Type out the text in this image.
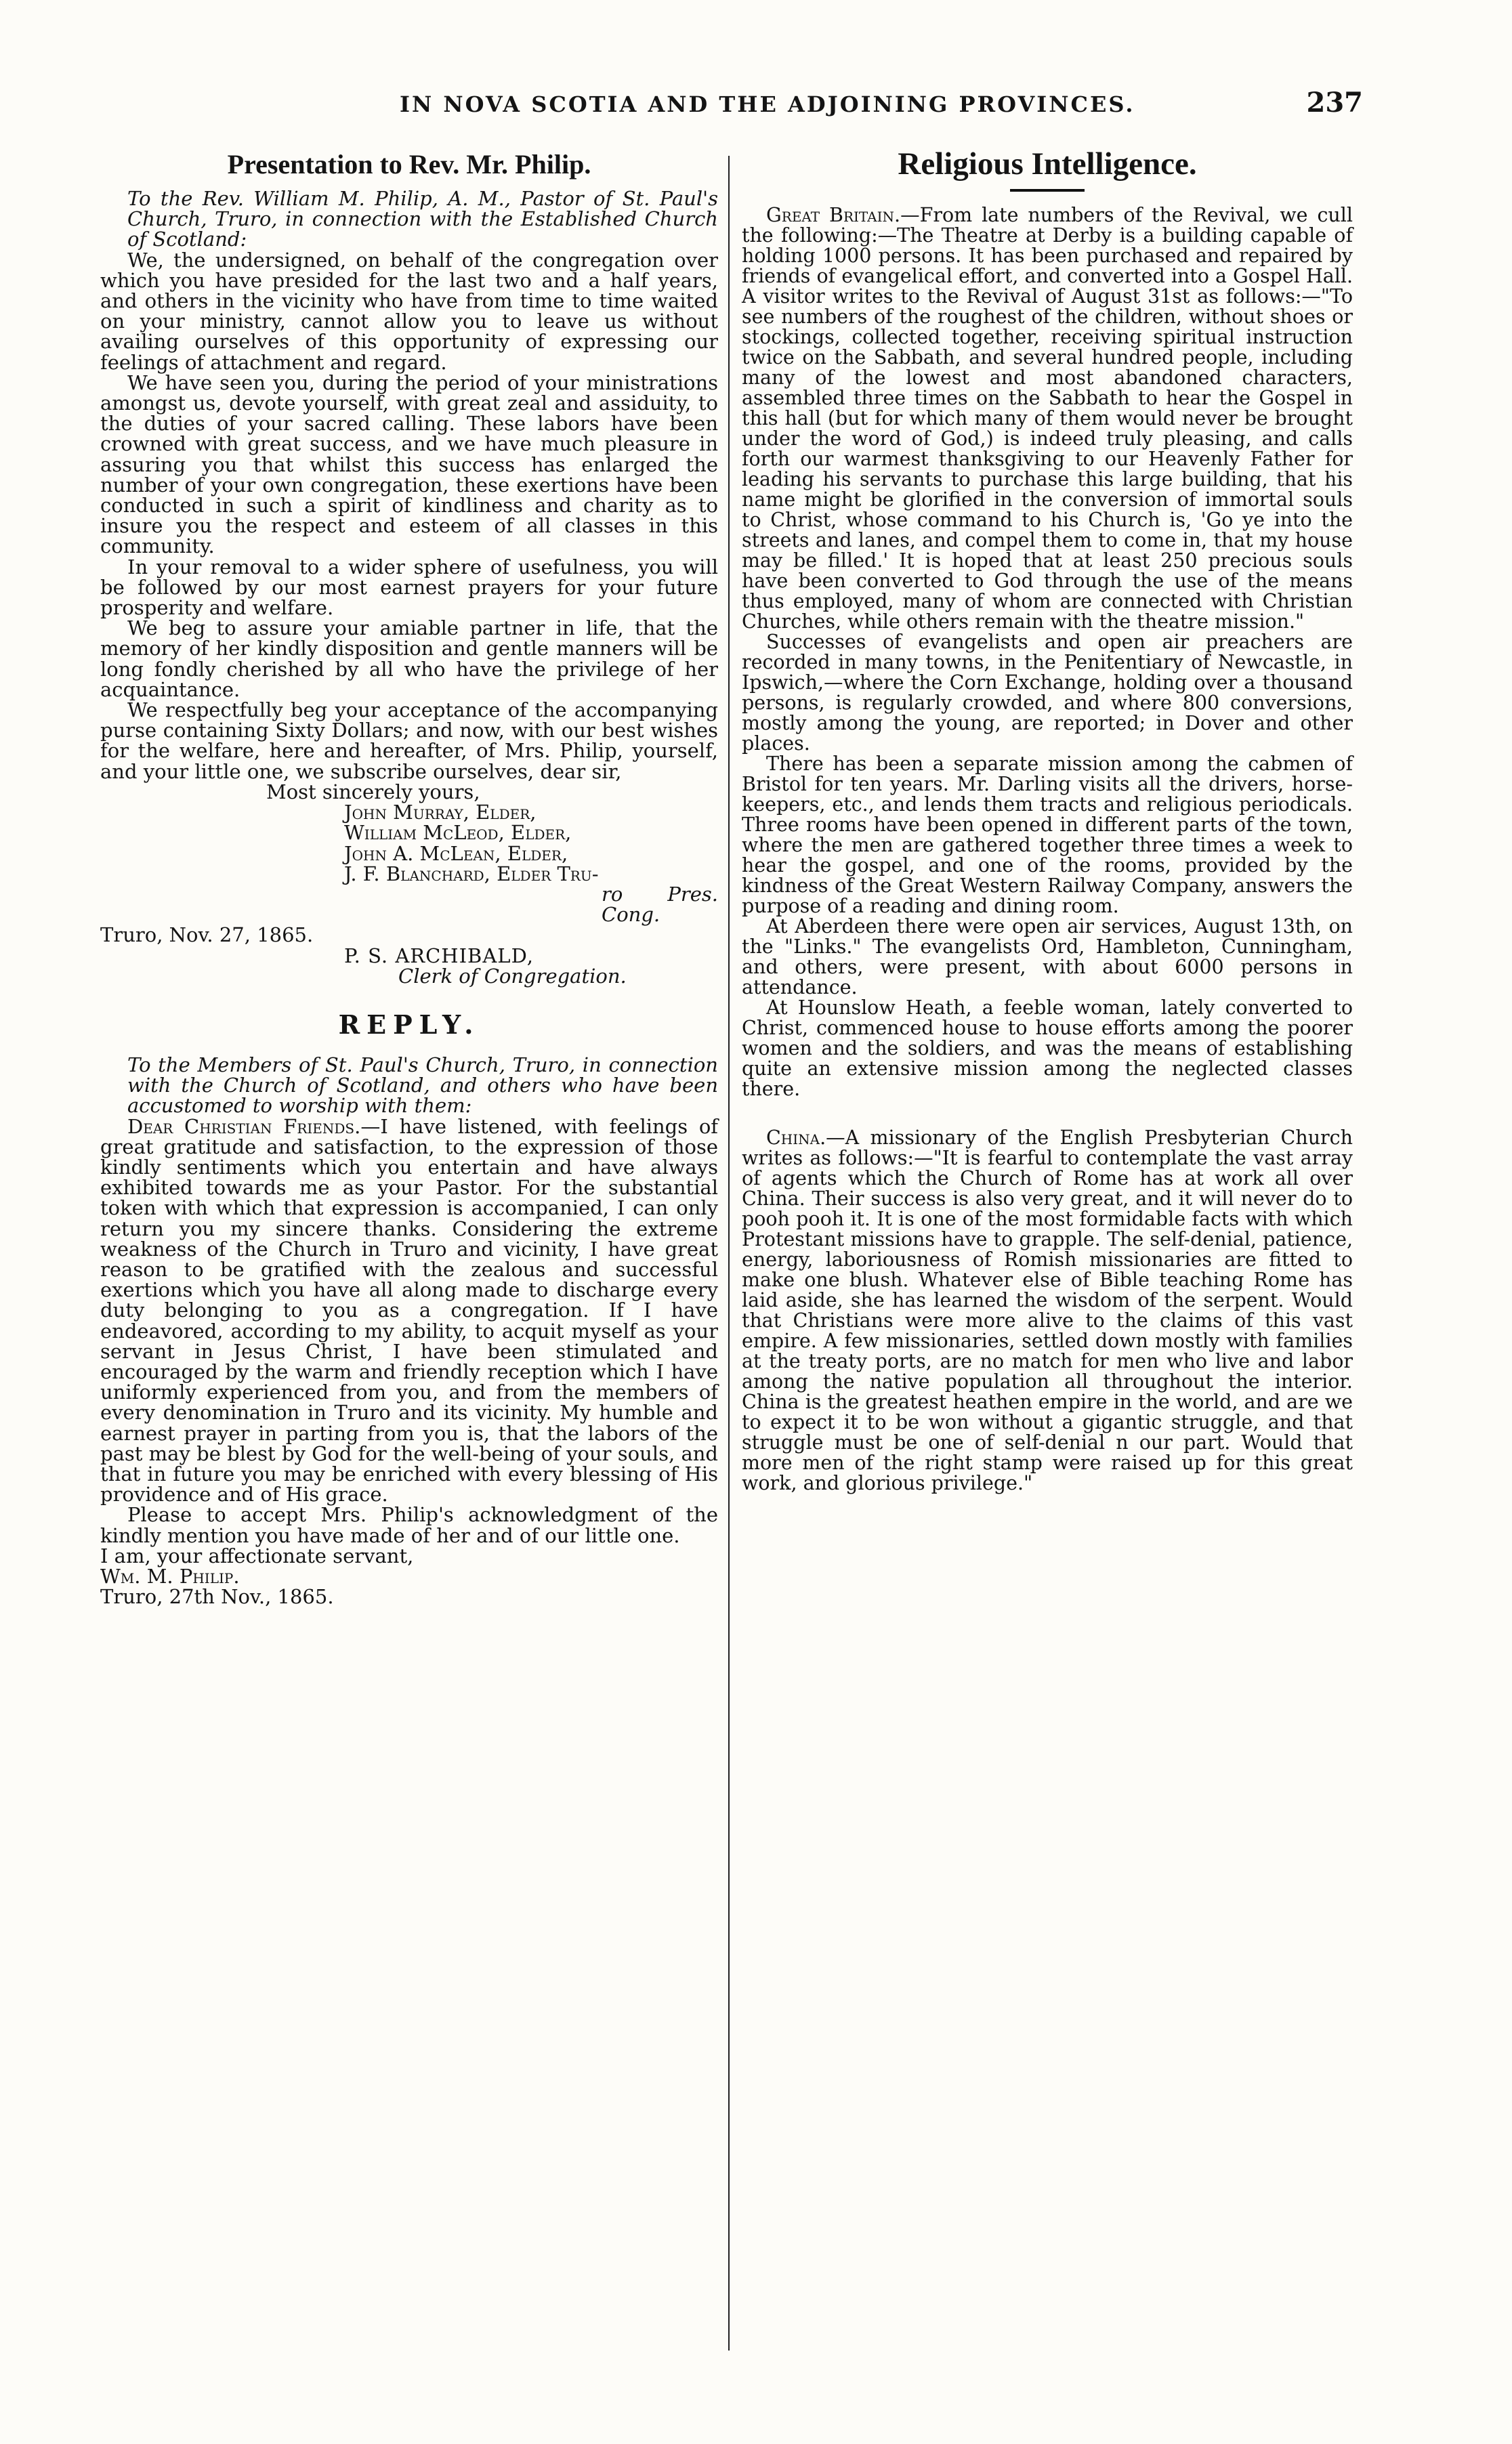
IN NOVA SCOTIA AND THE ADJOINING PROVINCES.	237
Presentation to Rev. Mr. Philip.

To the Rev. William M. Philip, A. M., Pastor of St. Paul's Church, Truro, in connection with the Established Church of Scotland:

We, the undersigned, on behalf of the congregation over which you have presided for the last two and a half years, and others in the vicinity who have from time to time waited on your ministry, cannot allow you to leave us without availing ourselves of this opportunity of expressing our feelings of attachment and regard.

We have seen you, during the period of your ministrations amongst us, devote yourself, with great zeal and assiduity, to the duties of your sacred calling. These labors have been crowned with great success, and we have much pleasure in assuring you that whilst this success has enlarged the number of your own congregation, these exertions have been conducted in such a spirit of kindliness and charity as to insure you the respect and esteem of all classes in this community.

In your removal to a wider sphere of usefulness, you will be followed by our most earnest prayers for your future prosperity and welfare.

We beg to assure your amiable partner in life, that the memory of her kindly disposition and gentle manners will be long fondly cherished by all who have the privilege of her acquaintance.

We respectfully beg your acceptance of the accompanying purse containing Sixty Dollars; and now, with our best wishes for the welfare, here and hereafter, of Mrs. Philip, yourself, and your little one, we subscribe ourselves, dear sir,

Most sincerely yours,

John Murray, Elder,

William McLeod, Elder,

John A. McLean, Elder,

J. F. Blanchard, Elder Tru-

ro Pres. Cong.

Truro, Nov. 27, 1865.

P. S. ARCHIBALD,

Clerk of Congregation.

REPLY.

To the Members of St. Paul's Church, Truro, in connection with the Church of Scotland, and others who have been accustomed to worship with them:

Dear Christian Friends.—I have listened, with feelings of great gratitude and satisfaction, to the expression of those kindly sentiments which you entertain and have always exhibited towards me as your Pastor. For the substantial token with which that expression is accompanied, I can only return you my sincere thanks. Considering the extreme weakness of the Church in Truro and vicinity, I have great reason to be gratified with the zealous and successful exertions which you have all along made to discharge every duty belonging to you as a congregation. If I have endeavored, according to my ability, to acquit myself as your servant in Jesus Christ, I have been stimulated and encouraged by the warm and friendly reception which I have uniformly experienced from you, and from the members of every denomination in Truro and its vicinity. My humble and earnest prayer in parting from you is, that the labors of the past may be blest by God for the well-being of your souls, and that in future you may be enriched with every blessing of His providence and of His grace.

Please to accept Mrs. Philip's acknowledgment of the kindly mention you have made of her and of our little one.

I am, your affectionate servant,

Wm. M. Philip.

Truro, 27th Nov., 1865.

Religious Intelligence.

Great Britain.—From late numbers of the Revival, we cull the following:—The Theatre at Derby is a building capable of holding 1000 persons. It has been purchased and repaired by friends of evangelical effort, and converted into a Gospel Hall. A visitor writes to the Revival of August 31st as follows:—"To see numbers of the roughest of the children, without shoes or stockings, collected together, receiving spiritual instruction twice on the Sabbath, and several hundred people, including many of the lowest and most abandoned characters, assembled three times on the Sabbath to hear the Gospel in this hall (but for which many of them would never be brought under the word of God,) is indeed truly pleasing, and calls forth our warmest thanksgiving to our Heavenly Father for leading his servants to purchase this large building, that his name might be glorified in the conversion of immortal souls to Christ, whose command to his Church is, 'Go ye into the streets and lanes, and compel them to come in, that my house may be filled.' It is hoped that at least 250 precious souls have been converted to God through the use of the means thus employed, many of whom are connected with Christian Churches, while others remain with the theatre mission."

Successes of evangelists and open air preachers are recorded in many towns, in the Penitentiary of Newcastle, in Ipswich,—where the Corn Exchange, holding over a thousand persons, is regularly crowded, and where 800 conversions, mostly among the young, are reported; in Dover and other places.

There has been a separate mission among the cabmen of Bristol for ten years. Mr. Darling visits all the drivers, horse-keepers, etc., and lends them tracts and religious periodicals. Three rooms have been opened in different parts of the town, where the men are gathered together three times a week to hear the gospel, and one of the rooms, provided by the kindness of the Great Western Railway Company, answers the purpose of a reading and dining room.

At Aberdeen there were open air services, August 13th, on the "Links." The evangelists Ord, Hambleton, Cunningham, and others, were present, with about 6000 persons in attendance.

At Hounslow Heath, a feeble woman, lately converted to Christ, commenced house to house efforts among the poorer women and the soldiers, and was the means of establishing quite an extensive mission among the neglected classes there.

China.—A missionary of the English Presbyterian Church writes as follows:—"It is fearful to contemplate the vast array of agents which the Church of Rome has at work all over China. Their success is also very great, and it will never do to pooh pooh it. It is one of the most formidable facts with which Protestant missions have to grapple. The self-denial, patience, energy, laboriousness of Romish missionaries are fitted to make one blush. Whatever else of Bible teaching Rome has laid aside, she has learned the wisdom of the serpent. Would that Christians were more alive to the claims of this vast empire. A few missionaries, settled down mostly with families at the treaty ports, are no match for men who live and labor among the native population all throughout the interior. China is the greatest heathen empire in the world, and are we to expect it to be won without a gigantic struggle, and that struggle must be one of self-denial n our part. Would that more men of the right stamp were raised up for this great work, and glorious privilege."
